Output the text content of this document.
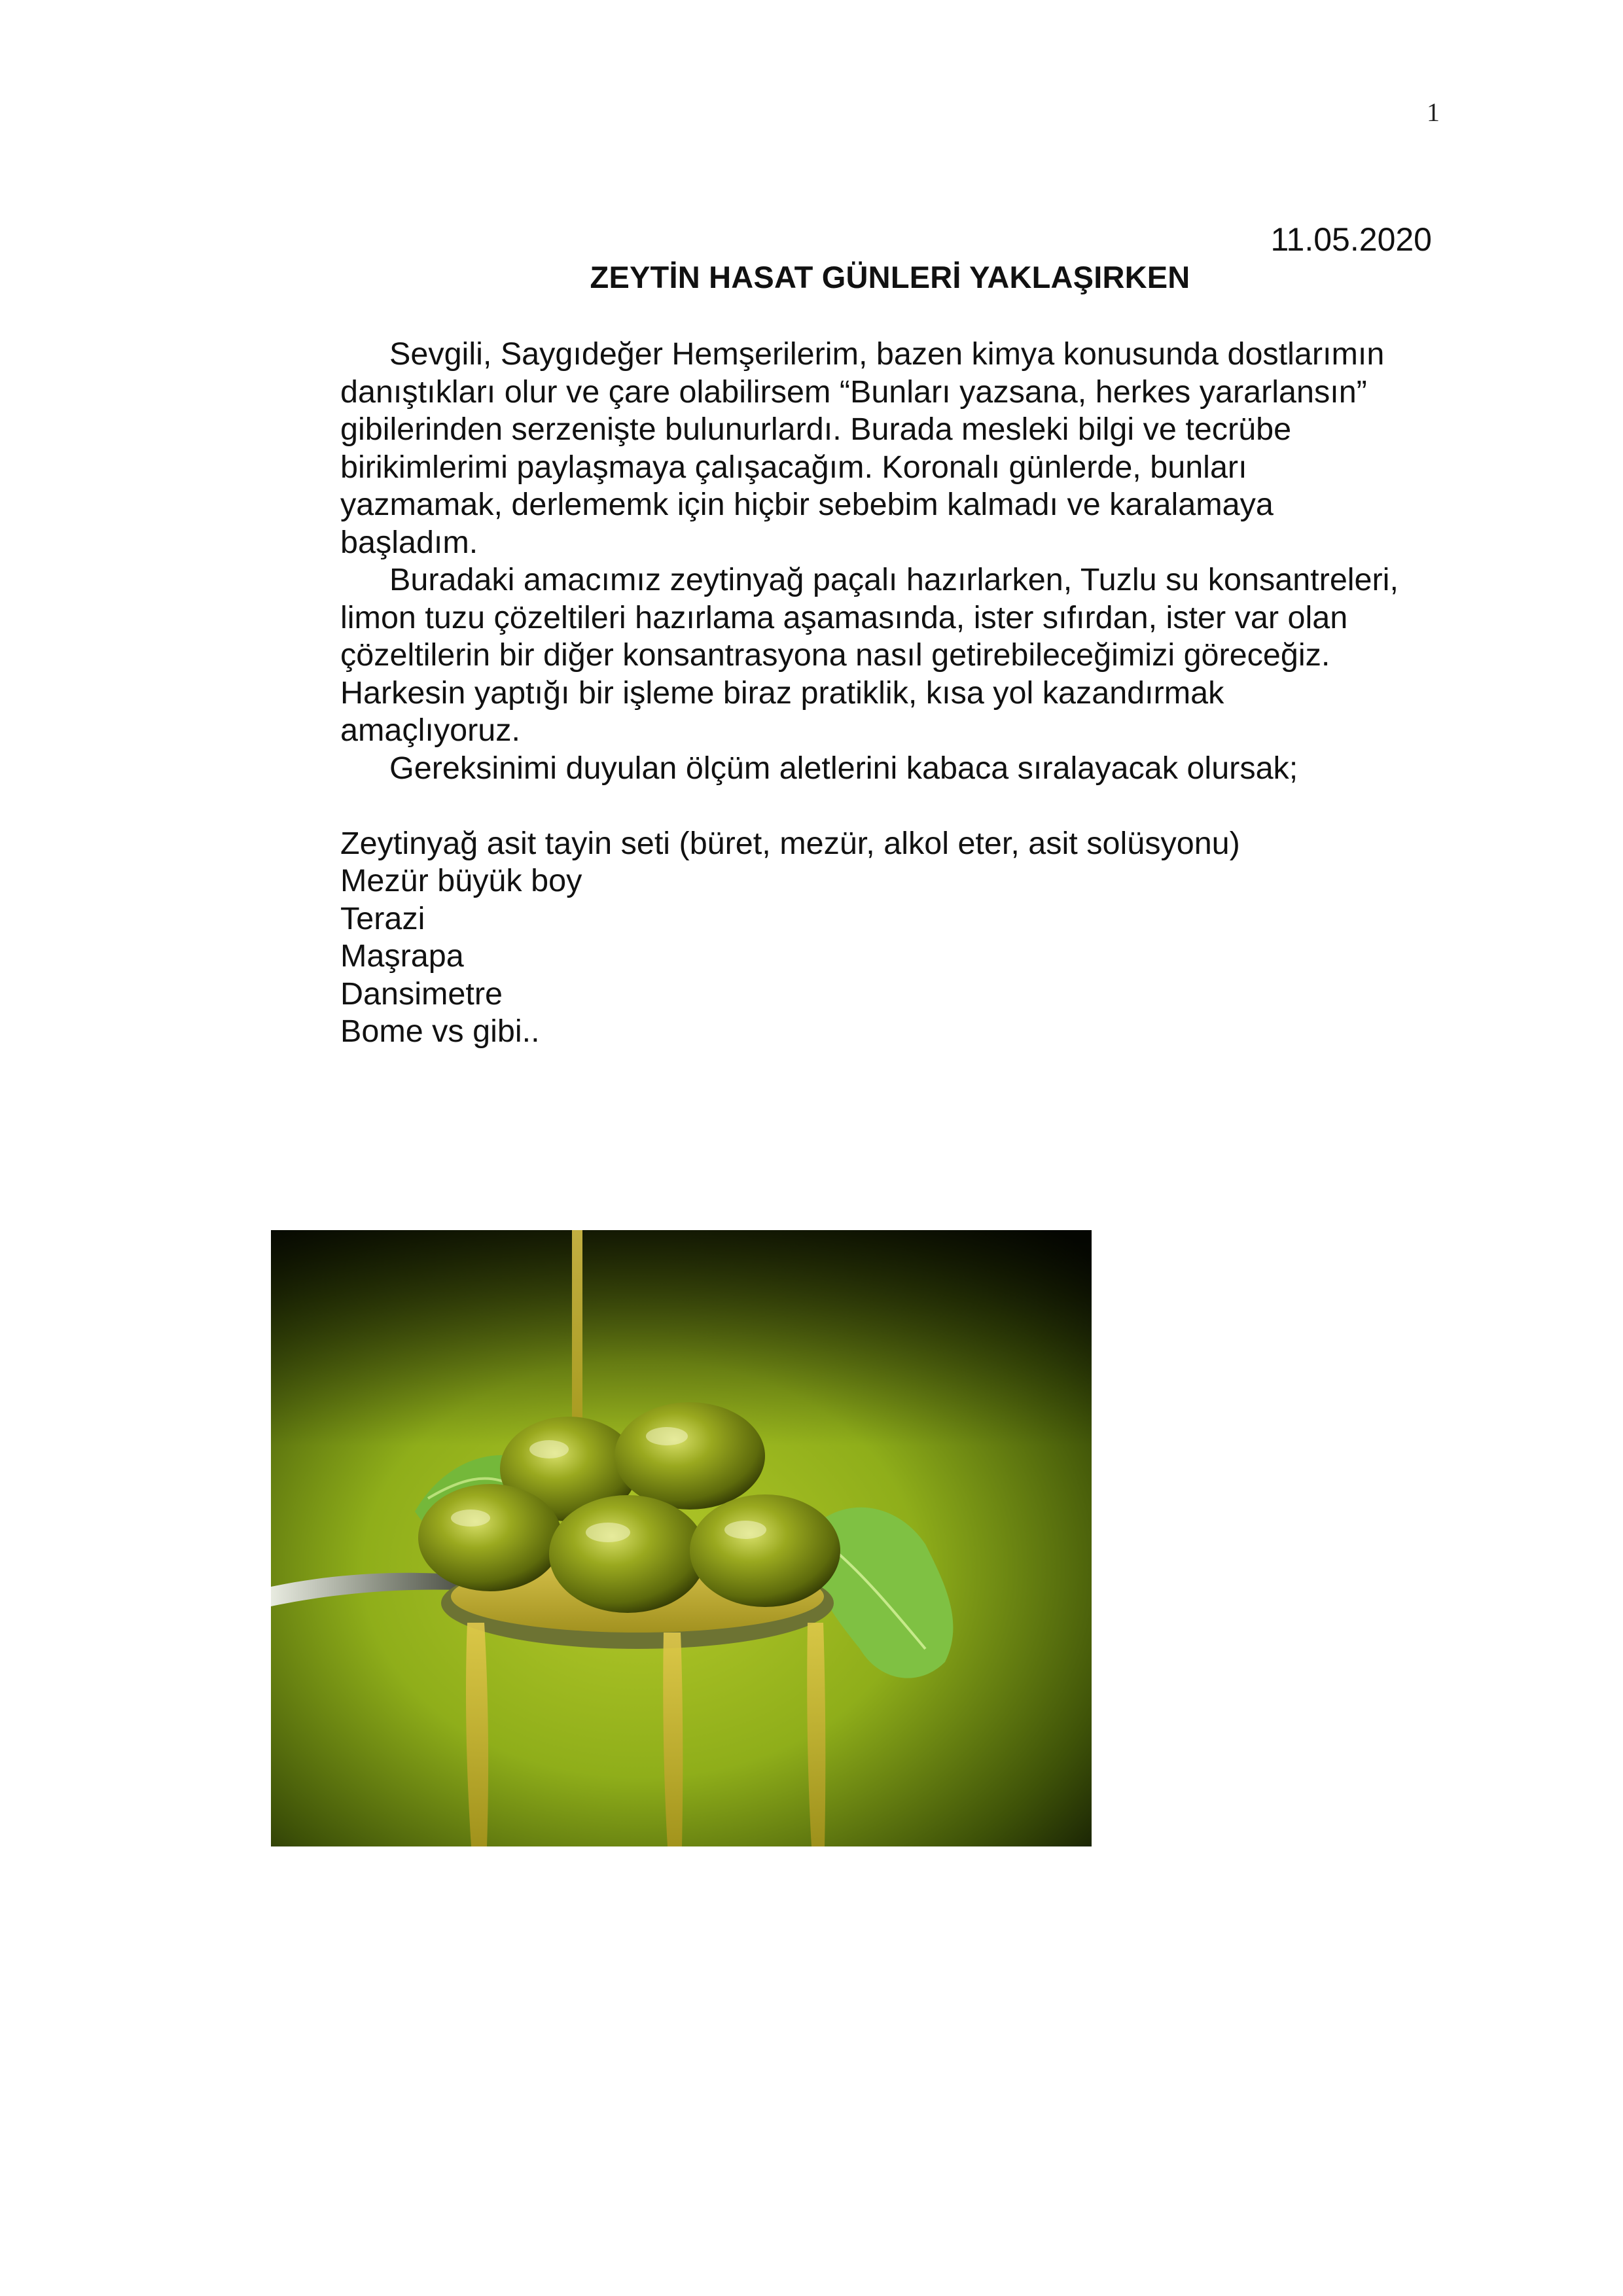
1
11.05.2020
ZEYTİN HASAT GÜNLERİ YAKLAŞIRKEN
Sevgili, Saygıdeğer Hemşerilerim, bazen kimya konusunda dostlarımın
danıştıkları olur ve çare olabilirsem “Bunları yazsana, herkes yararlansın”
gibilerinden serzenişte bulunurlardı. Burada mesleki bilgi ve tecrübe
birikimlerimi paylaşmaya çalışacağım. Koronalı günlerde, bunları
yazmamak, derlememk için hiçbir sebebim kalmadı ve karalamaya
başladım.
Buradaki amacımız zeytinyağ paçalı hazırlarken, Tuzlu su konsantreleri,
limon tuzu çözeltileri hazırlama aşamasında, ister sıfırdan, ister var olan
çözeltilerin bir diğer konsantrasyona nasıl getirebileceğimizi göreceğiz.
Harkesin yaptığı bir işleme biraz pratiklik, kısa yol kazandırmak
amaçlıyoruz.
Gereksinimi duyulan ölçüm aletlerini kabaca sıralayacak olursak;
Zeytinyağ asit tayin seti (büret, mezür, alkol eter, asit solüsyonu)
Mezür büyük boy
Terazi
Maşrapa
Dansimetre
Bome vs gibi..
